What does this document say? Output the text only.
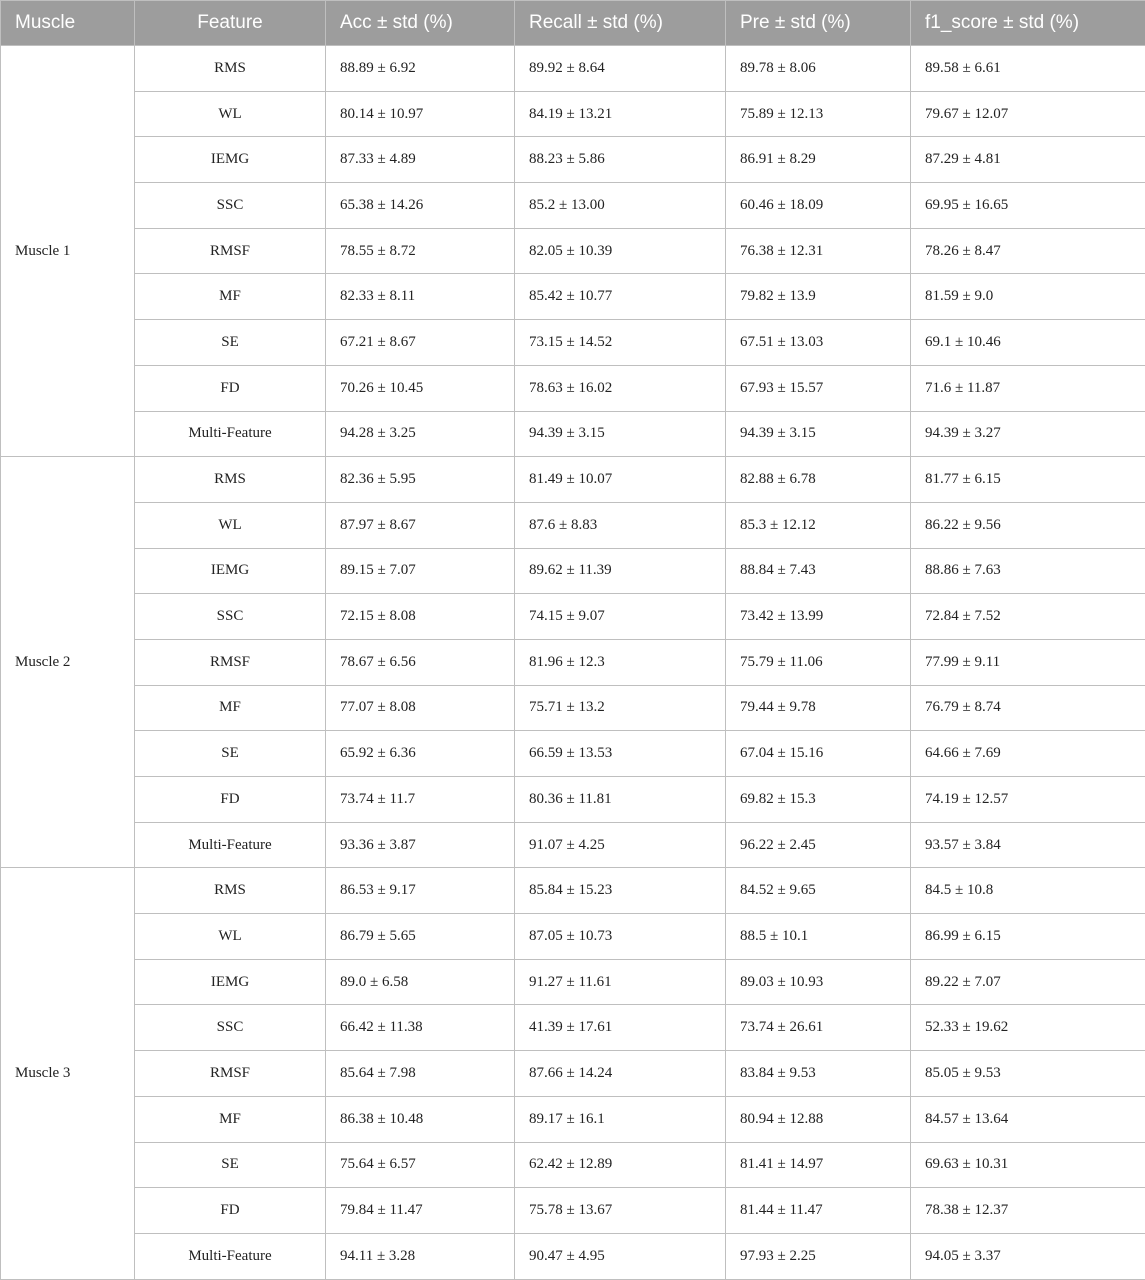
Muscle	Feature	Acc ± std (%)	Recall ± std (%)	Pre ± std (%)	f1_score ± std (%)
Muscle 1	RMS	88.89 ± 6.92	89.92 ± 8.64	89.78 ± 8.06	89.58 ± 6.61
	WL	80.14 ± 10.97	84.19 ± 13.21	75.89 ± 12.13	79.67 ± 12.07
	IEMG	87.33 ± 4.89	88.23 ± 5.86	86.91 ± 8.29	87.29 ± 4.81
	SSC	65.38 ± 14.26	85.2 ± 13.00	60.46 ± 18.09	69.95 ± 16.65
	RMSF	78.55 ± 8.72	82.05 ± 10.39	76.38 ± 12.31	78.26 ± 8.47
	MF	82.33 ± 8.11	85.42 ± 10.77	79.82 ± 13.9	81.59 ± 9.0
	SE	67.21 ± 8.67	73.15 ± 14.52	67.51 ± 13.03	69.1 ± 10.46
	FD	70.26 ± 10.45	78.63 ± 16.02	67.93 ± 15.57	71.6 ± 11.87
	Multi-Feature	94.28 ± 3.25	94.39 ± 3.15	94.39 ± 3.15	94.39 ± 3.27
Muscle 2	RMS	82.36 ± 5.95	81.49 ± 10.07	82.88 ± 6.78	81.77 ± 6.15
	WL	87.97 ± 8.67	87.6 ± 8.83	85.3 ± 12.12	86.22 ± 9.56
	IEMG	89.15 ± 7.07	89.62 ± 11.39	88.84 ± 7.43	88.86 ± 7.63
	SSC	72.15 ± 8.08	74.15 ± 9.07	73.42 ± 13.99	72.84 ± 7.52
	RMSF	78.67 ± 6.56	81.96 ± 12.3	75.79 ± 11.06	77.99 ± 9.11
	MF	77.07 ± 8.08	75.71 ± 13.2	79.44 ± 9.78	76.79 ± 8.74
	SE	65.92 ± 6.36	66.59 ± 13.53	67.04 ± 15.16	64.66 ± 7.69
	FD	73.74 ± 11.7	80.36 ± 11.81	69.82 ± 15.3	74.19 ± 12.57
	Multi-Feature	93.36 ± 3.87	91.07 ± 4.25	96.22 ± 2.45	93.57 ± 3.84
Muscle 3	RMS	86.53 ± 9.17	85.84 ± 15.23	84.52 ± 9.65	84.5 ± 10.8
	WL	86.79 ± 5.65	87.05 ± 10.73	88.5 ± 10.1	86.99 ± 6.15
	IEMG	89.0 ± 6.58	91.27 ± 11.61	89.03 ± 10.93	89.22 ± 7.07
	SSC	66.42 ± 11.38	41.39 ± 17.61	73.74 ± 26.61	52.33 ± 19.62
	RMSF	85.64 ± 7.98	87.66 ± 14.24	83.84 ± 9.53	85.05 ± 9.53
	MF	86.38 ± 10.48	89.17 ± 16.1	80.94 ± 12.88	84.57 ± 13.64
	SE	75.64 ± 6.57	62.42 ± 12.89	81.41 ± 14.97	69.63 ± 10.31
	FD	79.84 ± 11.47	75.78 ± 13.67	81.44 ± 11.47	78.38 ± 12.37
	Multi-Feature	94.11 ± 3.28	90.47 ± 4.95	97.93 ± 2.25	94.05 ± 3.37
